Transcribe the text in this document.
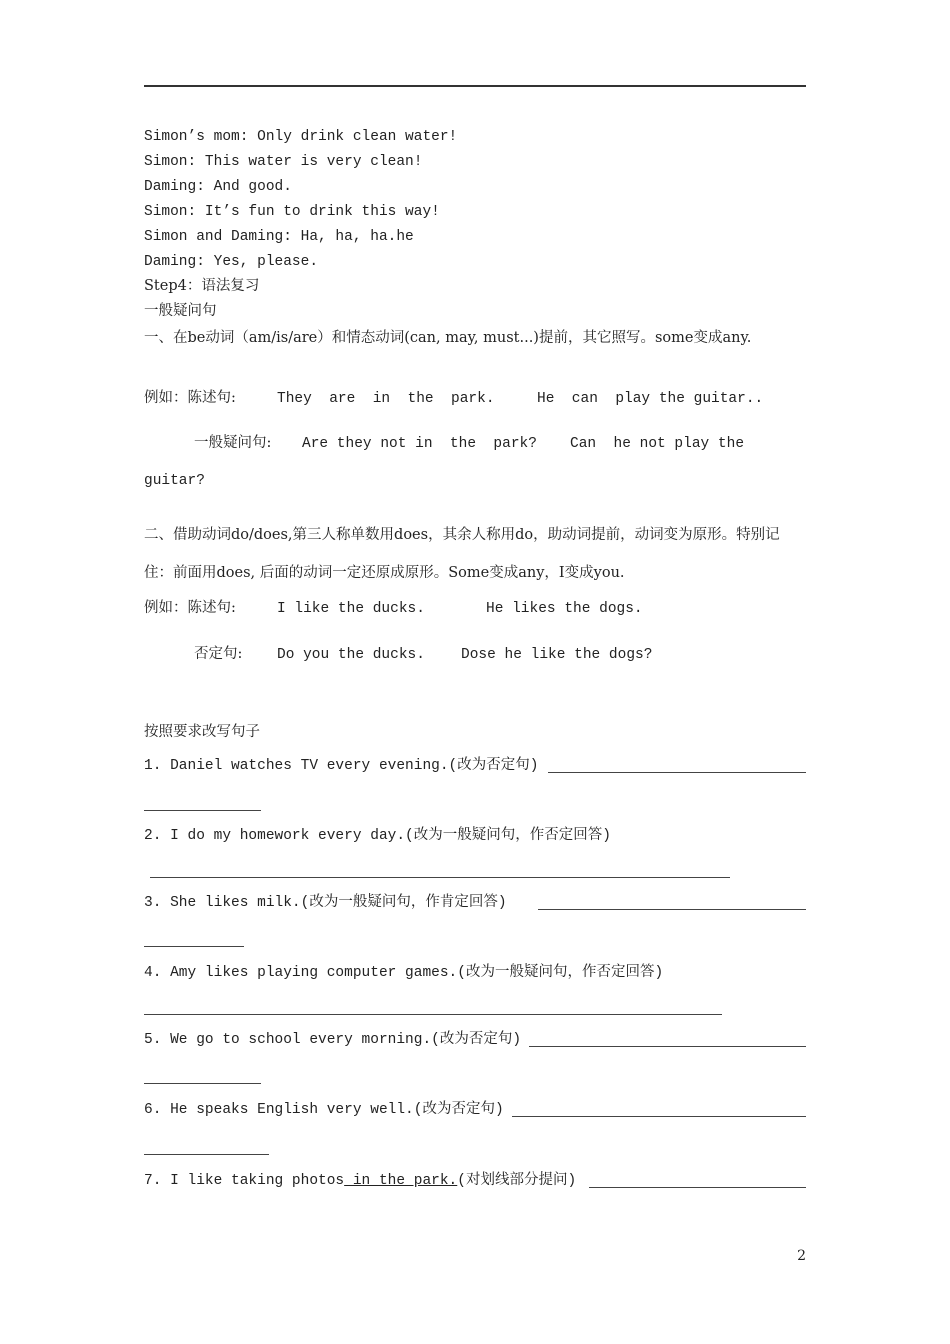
Simon’s mom: Only drink clean water!
Simon: This water is very clean!
Daming: And good.
Simon: It’s fun to drink this way!
Simon and Daming: Ha, ha, ha.he
Daming: Yes, please.
Step4：语法复习
一般疑问句
一、在be动词（am/is/are）和情态动词(can, may, must...)提前，其它照写。some变成any.
例如：陈述句:	They  are  in  the  park.	He  can  play the guitar..
一般疑问句: Are they not in  the  park? Can  he not play the
guitar?
二、借助动词do/does,第三人称单数用does，其余人称用do，助动词提前，动词变为原形。特别记住：前面用does, 后面的动词一定还原成原形。Some变成any，I变成you.
例如：陈述句:	I like the ducks.	He likes the dogs.
否定句: Do you the ducks. Dose he like the dogs?
按照要求改写句子
1. Daniel watches TV every evening.(改为否定句)
2. I do my homework every day.(改为一般疑问句，作否定回答)
3. She likes milk.(改为一般疑问句，作肯定回答)
4. Amy likes playing computer games.(改为一般疑问句，作否定回答)
5. We go to school every morning.(改为否定句)
6. He speaks English very well.(改为否定句)
7. I like taking photos in the park.(对划线部分提问)
2
